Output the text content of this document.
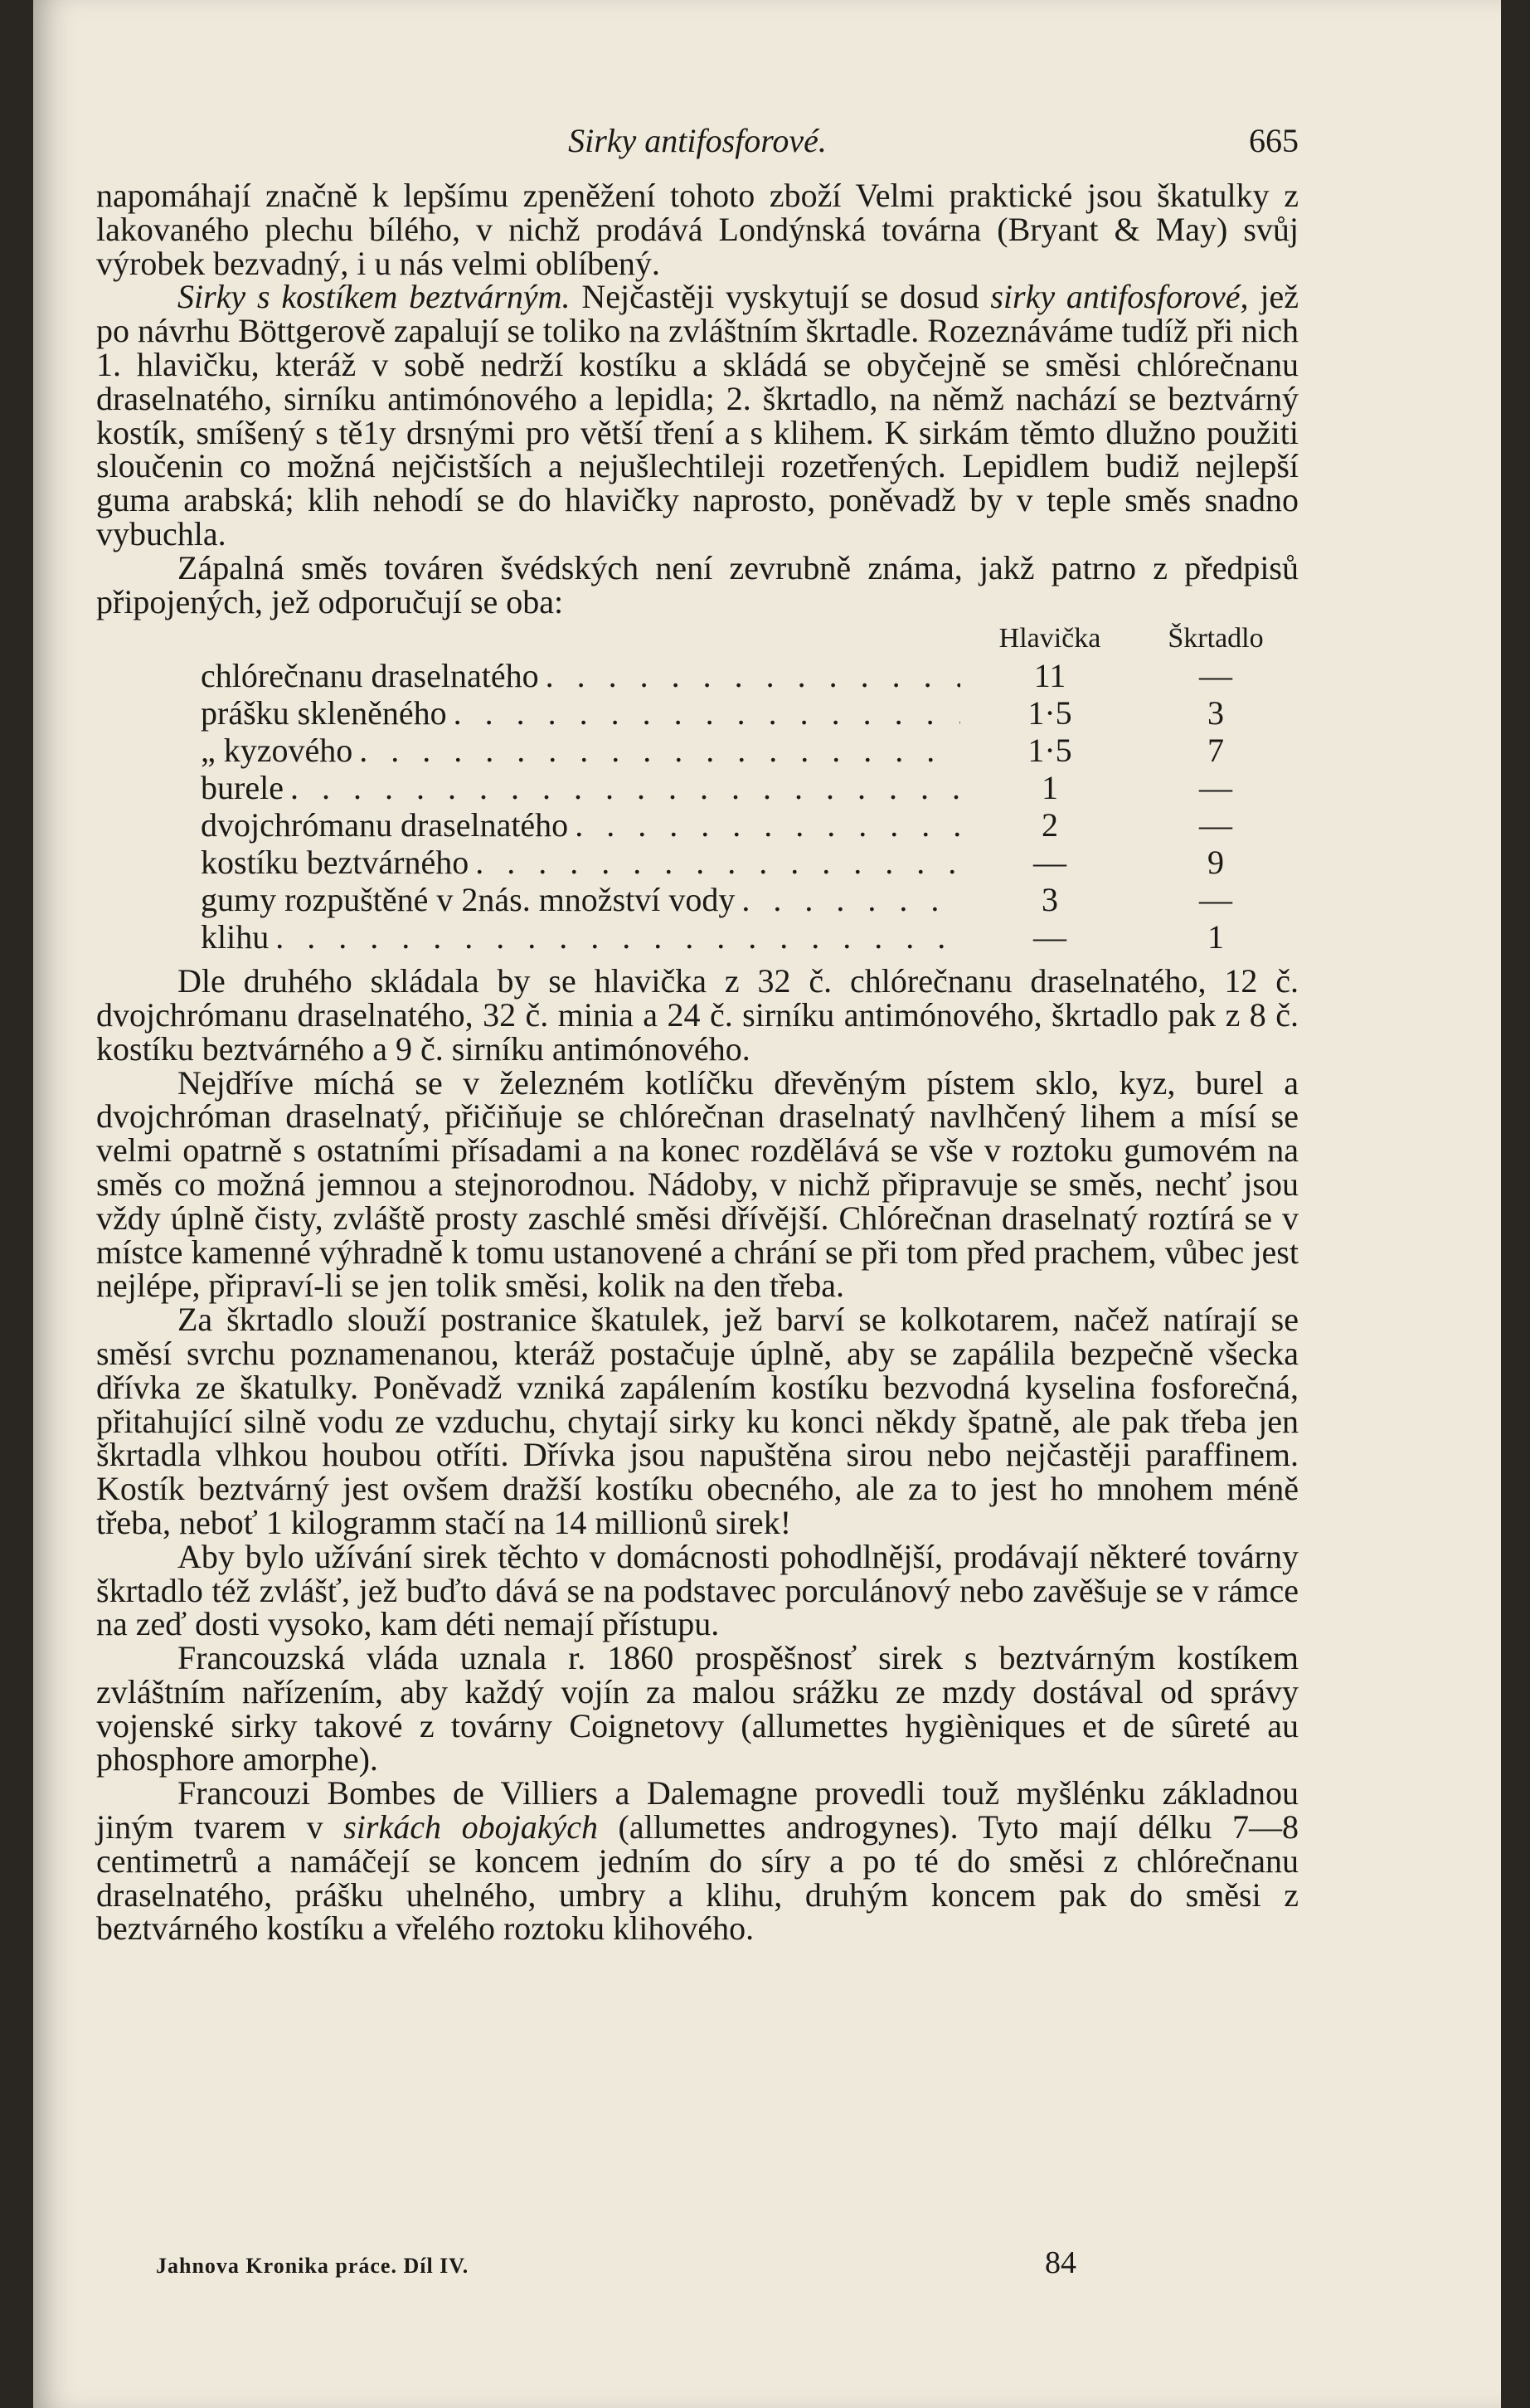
Sirky antifosforové.	665

napomáhají značně k lepšímu zpeněžení tohoto zboží Velmi praktické jsou škatulky z lakovaného plechu bílého, v nichž prodává Londýnská továrna (Bryant & May) svůj výrobek bezvadný, i u nás velmi oblíbený.

Sirky s kostíkem beztvárným. Nejčastěji vyskytují se dosud sirky antifosforové, jež po návrhu Böttgerově zapalují se toliko na zvláštním škrtadle. Rozeznáváme tudíž při nich 1. hlavičku, kteráž v sobě nedrží kostíku a skládá se obyčejně se směsi chlórečnanu draselnatého, sirníku antimónového a lepidla; 2. škrtadlo, na němž nachází se beztvárný kostík, smíšený s tě1y drsnými pro větší tření a s klihem. K sirkám těmto dlužno použiti sloučenin co možná nejčistších a nejušlechtileji rozetřených. Lepidlem budiž nejlepší guma arabská; klih nehodí se do hlavičky naprosto, poněvadž by v teple směs snadno vybuchla.

Zápalná směs továren švédských není zevrubně známa, jakž patrno z předpisů připojených, jež odporučují se oba:

Hlavička	Škrtadlo
chlórečnanu draselnatého . . .	11	—
prášku skleněného . . .	1·5	3
„ kyzového . . .	1·5	7
burele . . .	1	—
dvojchrómanu draselnatého . . .	2	—
kostíku beztvárného . . .	—	9
gumy rozpuštěné v 2nás. množství vody . . .	3	—
klihu . . .	—	1

Dle druhého skládala by se hlavička z 32 č. chlórečnanu draselnatého, 12 č. dvojchrómanu draselnatého, 32 č. minia a 24 č. sirníku antimónového, škrtadlo pak z 8 č. kostíku beztvárného a 9 č. sirníku antimónového.

Nejdříve míchá se v železném kotlíčku dřevěným pístem sklo, kyz, burel a dvojchróman draselnatý, přičiňuje se chlórečnan draselnatý navlhčený lihem a mísí se velmi opatrně s ostatními přísadami a na konec rozdělává se vše v roztoku gumovém na směs co možná jemnou a stejnorodnou. Nádoby, v nichž připravuje se směs, nechť jsou vždy úplně čisty, zvláště prosty zaschlé směsi dřívější. Chlórečnan draselnatý roztírá se v místce kamenné výhradně k tomu ustanovené a chrání se při tom před prachem, vůbec jest nejlépe, připraví-li se jen tolik směsi, kolik na den třeba.

Za škrtadlo slouží postranice škatulek, jež barví se kolkotarem, načež natírají se směsí svrchu poznamenanou, kteráž postačuje úplně, aby se zapálila bezpečně všecka dřívka ze škatulky. Poněvadž vzniká zapálením kostíku bezvodná kyselina fosforečná, přitahující silně vodu ze vzduchu, chytají sirky ku konci někdy špatně, ale pak třeba jen škrtadla vlhkou houbou otříti. Dřívka jsou napuštěna sirou nebo nejčastěji paraffinem. Kostík beztvárný jest ovšem dražší kostíku obecného, ale za to jest ho mnohem méně třeba, neboť 1 kilogramm stačí na 14 millionů sirek!

Aby bylo užívání sirek těchto v domácnosti pohodlnější, prodávají některé továrny škrtadlo též zvlášť, jež buďto dává se na podstavec porculánový nebo zavěšuje se v rámce na zeď dosti vysoko, kam déti nemají přístupu.

Francouzská vláda uznala r. 1860 prospěšnosť sirek s beztvárným kostíkem zvláštním nařízením, aby každý vojín za malou srážku ze mzdy dostával od správy vojenské sirky takové z továrny Coignetovy (allumettes hygièniques et de sûreté au phosphore amorphe).

Francouzi Bombes de Villiers a Dalemagne provedli touž myšlénku základnou jiným tvarem v sirkách obojakých (allumettes androgynes). Tyto mají délku 7—8 centimetrů a namáčejí se koncem jedním do síry a po té do směsi z chlórečnanu draselnatého, prášku uhelného, umbry a klihu, druhým koncem pak do směsi z beztvárného kostíku a vřelého roztoku klihového.

Jahnova Kronika práce. Díl IV.	84
